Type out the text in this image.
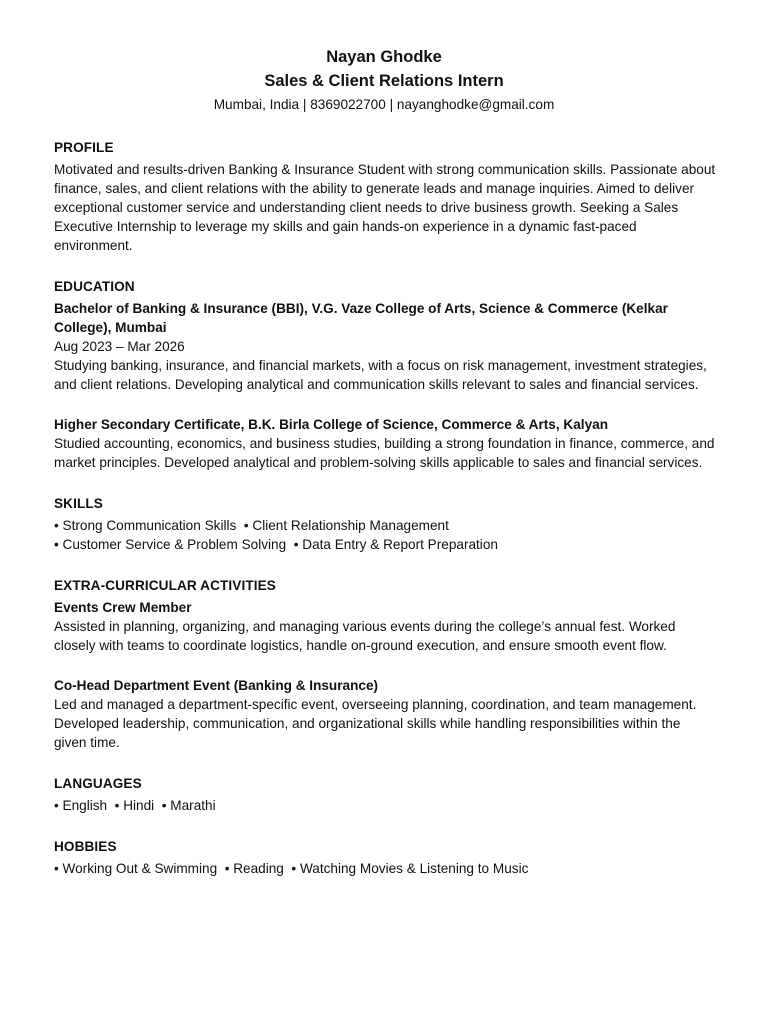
Nayan Ghodke
Sales & Client Relations Intern
Mumbai, India | 8369022700 | nayanghodke@gmail.com
PROFILE
Motivated and results-driven Banking & Insurance Student with strong communication skills. Passionate about finance, sales, and client relations with the ability to generate leads and manage inquiries. Aimed to deliver exceptional customer service and understanding client needs to drive business growth. Seeking a Sales Executive Internship to leverage my skills and gain hands-on experience in a dynamic fast-paced environment.
EDUCATION
Bachelor of Banking & Insurance (BBI), V.G. Vaze College of Arts, Science & Commerce (Kelkar College), Mumbai
Aug 2023 – Mar 2026
Studying banking, insurance, and financial markets, with a focus on risk management, investment strategies, and client relations. Developing analytical and communication skills relevant to sales and financial services.
Higher Secondary Certificate, B.K. Birla College of Science, Commerce & Arts, Kalyan
Studied accounting, economics, and business studies, building a strong foundation in finance, commerce, and market principles. Developed analytical and problem-solving skills applicable to sales and financial services.
SKILLS
• Strong Communication Skills  • Client Relationship Management
• Customer Service & Problem Solving  • Data Entry & Report Preparation
EXTRA-CURRICULAR ACTIVITIES
Events Crew Member
Assisted in planning, organizing, and managing various events during the college’s annual fest. Worked closely with teams to coordinate logistics, handle on-ground execution, and ensure smooth event flow.
Co-Head Department Event (Banking & Insurance)
Led and managed a department-specific event, overseeing planning, coordination, and team management. Developed leadership, communication, and organizational skills while handling responsibilities within the given time.
LANGUAGES
• English  • Hindi  • Marathi
HOBBIES
• Working Out & Swimming  • Reading  • Watching Movies & Listening to Music
